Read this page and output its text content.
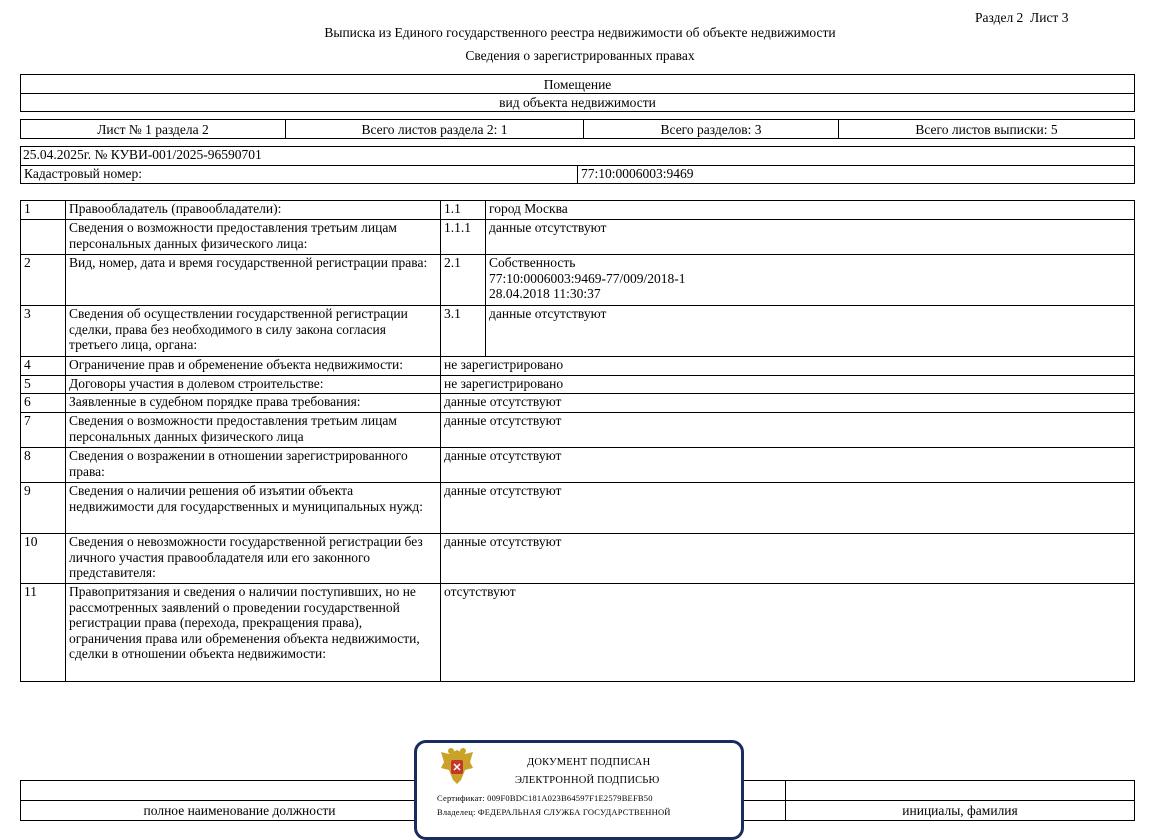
Раздел 2  Лист 3
Выписка из Единого государственного реестра недвижимости об объекте недвижимости
Сведения о зарегистрированных правах
Помещение
вид объекта недвижимости
Лист № 1 раздела 2	Всего листов раздела 2: 1	Всего разделов: 3	Всего листов выписки: 5
25.04.2025г. № КУВИ-001/2025-96590701
Кадастровый номер:	77:10:0006003:9469
1	Правообладатель (правообладатели):	1.1	город Москва
	Сведения о возможности предоставления третьим лицам персональных данных физического лица:	1.1.1	данные отсутствуют
2	Вид, номер, дата и время государственной регистрации права:	2.1	Собственность
77:10:0006003:9469-77/009/2018-1
28.04.2018 11:30:37

3	Сведения об осуществлении государственной регистрации сделки, права без необходимого в силу закона согласия третьего лица, органа:	3.1	данные отсутствуют
4	Ограничение прав и обременение объекта недвижимости:	не зарегистрировано	
5	Договоры участия в долевом строительстве:	не зарегистрировано	
6	Заявленные в судебном порядке права требования:	данные отсутствуют	
7	Сведения о возможности предоставления третьим лицам персональных данных физического лица	данные отсутствуют	
8	Сведения о возражении в отношении зарегистрированного права:	данные отсутствуют	
9	Сведения о наличии решения об изъятии объекта недвижимости для государственных и муниципальных нужд:	данные отсутствуют	
10	Сведения о невозможности государственной регистрации без личного участия правообладателя или его законного представителя:	данные отсутствуют	
11	Правопритязания и сведения о наличии поступивших, но не рассмотренных заявлений о проведении государственной регистрации права (перехода, прекращения права), ограничения права или обременения объекта недвижимости, сделки в отношении объекта недвижимости:	отсутствуют	

полное наименование должности		инициалы, фамилия
ДОКУМЕНТ ПОДПИСАН
ЭЛЕКТРОННОЙ ПОДПИСЬЮ
Сертификат: 009F0BDC181A023B64597F1E2579BEFB50
Владелец: ФЕДЕРАЛЬНАЯ СЛУЖБА ГОСУДАРСТВЕННОЙ
